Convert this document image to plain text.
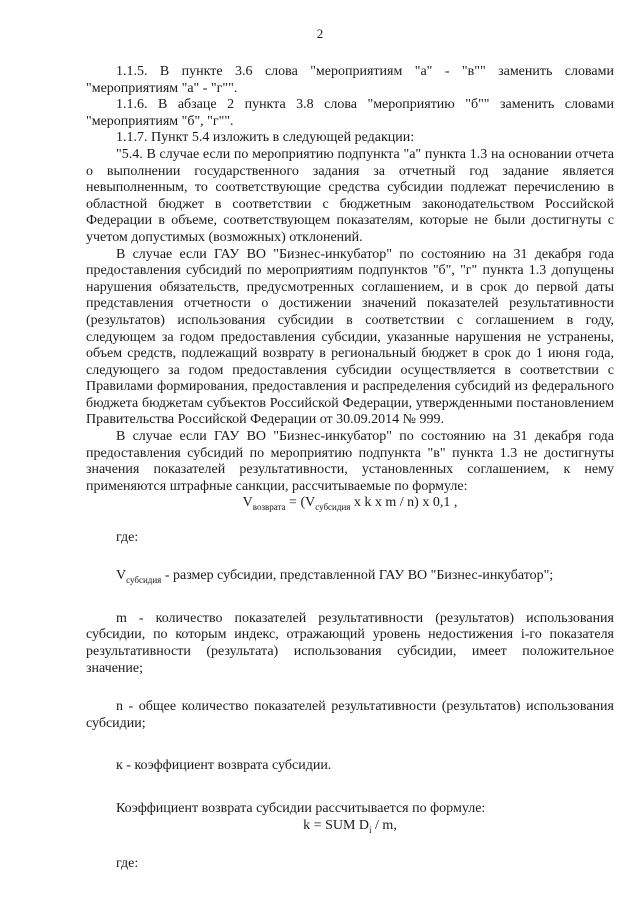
2

1.1.5. В пункте 3.6 слова "мероприятиям "а" - "в"" заменить словами "мероприятиям "а" - "г"".

1.1.6. В абзаце 2 пункта 3.8 слова "мероприятию "б"" заменить словами "мероприятиям "б", "г"".

1.1.7. Пункт 5.4 изложить в следующей редакции:

"5.4. В случае если по мероприятию подпункта "а" пункта 1.3 на основании отчета о выполнении государственного задания за отчетный год задание является невыполненным, то соответствующие средства субсидии подлежат перечислению в областной бюджет в соответствии с бюджетным законодательством Российской Федерации в объеме, соответствующем показателям, которые не были достигнуты с учетом допустимых (возможных) отклонений.

В случае если ГАУ ВО "Бизнес-инкубатор" по состоянию на 31 декабря года предоставления субсидий по мероприятиям подпунктов "б", "г" пункта 1.3 допущены нарушения обязательств, предусмотренных соглашением, и в срок до первой даты представления отчетности о достижении значений показателей результативности (результатов) использования субсидии в соответствии с соглашением в году, следующем за годом предоставления субсидии, указанные нарушения не устранены, объем средств, подлежащий возврату в региональный бюджет в срок до 1 июня года, следующего за годом предоставления субсидии осуществляется в соответствии с Правилами формирования, предоставления и распределения субсидий из федерального бюджета бюджетам субъектов Российской Федерации, утвержденными постановлением Правительства Российской Федерации от 30.09.2014 № 999.

В случае если ГАУ ВО "Бизнес-инкубатор" по состоянию на 31 декабря года предоставления субсидий по мероприятию подпункта "в" пункта 1.3 не достигнуты значения показателей результативности, установленных соглашением, к нему применяются штрафные санкции, рассчитываемые по формуле:

$V_{возврата} = (V_{субсидия}$ x k x m / n) x 0,1 ,

где:

$V_{субсидия}$ - размер субсидии, представленной ГАУ ВО "Бизнес-инкубатор";

m - количество показателей результативности (результатов) использования субсидии, по которым индекс, отражающий уровень недостижения i-го показателя результативности (результата) использования субсидии, имеет положительное значение;

n - общее количество показателей результативности (результатов) использования субсидии;

к - коэффициент возврата субсидии.

Коэффициент возврата субсидии рассчитывается по формуле:

k = SUM $D_i$ / m,

где:
